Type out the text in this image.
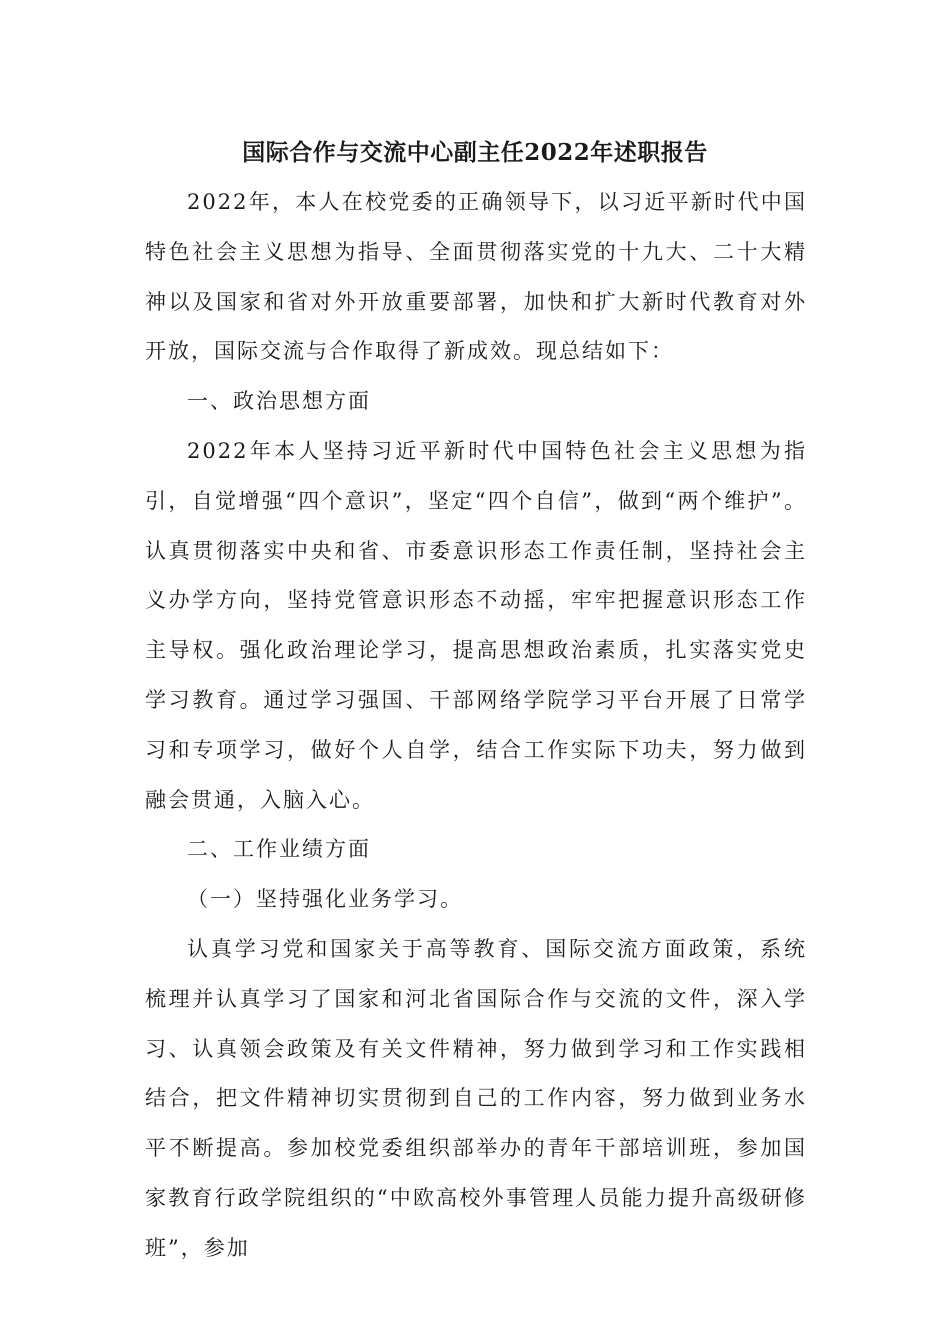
国际合作与交流中心副主任2022年述职报告

2022年，本人在校党委的正确领导下，以习近平新时代中国特色社会主义思想为指导、全面贯彻落实党的十九大、二十大精神以及国家和省对外开放重要部署，加快和扩大新时代教育对外开放，国际交流与合作取得了新成效。现总结如下：

一、政治思想方面

2022年本人坚持习近平新时代中国特色社会主义思想为指引，自觉增强“四个意识”，坚定“四个自信”，做到“两个维护”。认真贯彻落实中央和省、市委意识形态工作责任制，坚持社会主义办学方向，坚持党管意识形态不动摇，牢牢把握意识形态工作主导权。强化政治理论学习，提高思想政治素质，扎实落实党史学习教育。通过学习强国、干部网络学院学习平台开展了日常学习和专项学习，做好个人自学，结合工作实际下功夫，努力做到融会贯通，入脑入心。

二、工作业绩方面

（一）坚持强化业务学习。

认真学习党和国家关于高等教育、国际交流方面政策，系统梳理并认真学习了国家和河北省国际合作与交流的文件，深入学习、认真领会政策及有关文件精神，努力做到学习和工作实践相结合，把文件精神切实贯彻到自己的工作内容，努力做到业务水平不断提高。参加校党委组织部举办的青年干部培训班，参加国家教育行政学院组织的“中欧高校外事管理人员能力提升高级研修班”，参加
